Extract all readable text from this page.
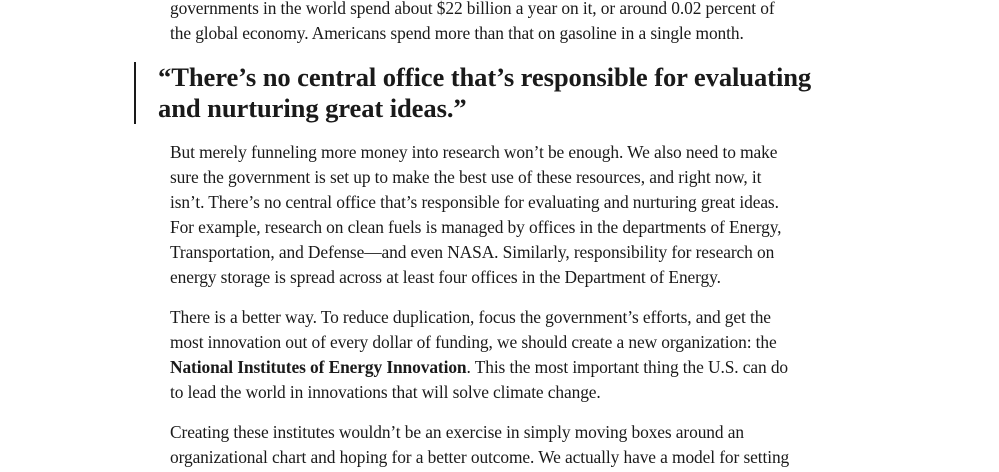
governments in the world spend about $22 billion a year on it, or around 0.02 percent of the global economy. Americans spend more than that on gasoline in a single month.

“There’s no central office that’s responsible for evaluating and nurturing great ideas.”

But merely funneling more money into research won’t be enough. We also need to make sure the government is set up to make the best use of these resources, and right now, it isn’t. There’s no central office that’s responsible for evaluating and nurturing great ideas. For example, research on clean fuels is managed by offices in the departments of Energy, Transportation, and Defense—and even NASA. Similarly, responsibility for research on energy storage is spread across at least four offices in the Department of Energy.

There is a better way. To reduce duplication, focus the government’s efforts, and get the most innovation out of every dollar of funding, we should create a new organization: the National Institutes of Energy Innovation. This the most important thing the U.S. can do to lead the world in innovations that will solve climate change.

Creating these institutes wouldn’t be an exercise in simply moving boxes around an organizational chart and hoping for a better outcome. We actually have a model for setting
